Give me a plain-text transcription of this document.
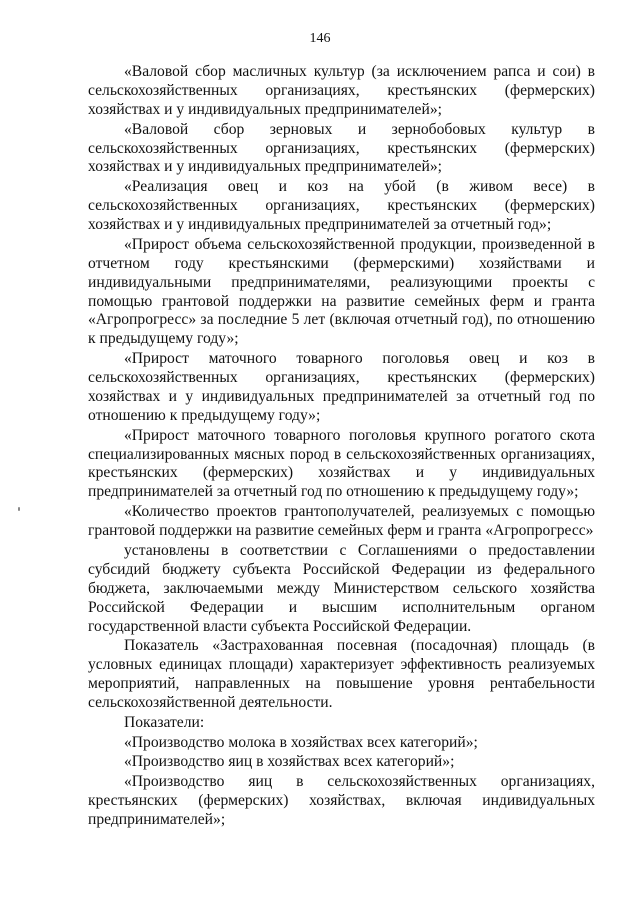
146

«Валовой сбор масличных культур (за исключением рапса и сои) в сельскохозяйственных организациях, крестьянских (фермерских) хозяйствах и у индивидуальных предпринимателей»;

«Валовой сбор зерновых и зернобобовых культур в сельскохозяйственных организациях, крестьянских (фермерских) хозяйствах и у индивидуальных предпринимателей»;

«Реализация овец и коз на убой (в живом весе) в сельскохозяйственных организациях, крестьянских (фермерских) хозяйствах и у индивидуальных предпринимателей за отчетный год»;

«Прирост объема сельскохозяйственной продукции, произведенной в отчетном году крестьянскими (фермерскими) хозяйствами и индивидуальными предпринимателями, реализующими проекты с помощью грантовой поддержки на развитие семейных ферм и гранта «Агропрогресс» за последние 5 лет (включая отчетный год), по отношению к предыдущему году»;

«Прирост маточного товарного поголовья овец и коз в сельскохозяйственных организациях, крестьянских (фермерских) хозяйствах и у индивидуальных предпринимателей за отчетный год по отношению к предыдущему году»;

«Прирост маточного товарного поголовья крупного рогатого скота специализированных мясных пород в сельскохозяйственных организациях, крестьянских (фермерских) хозяйствах и у индивидуальных предпринимателей за отчетный год по отношению к предыдущему году»;

«Количество проектов грантополучателей, реализуемых с помощью грантовой поддержки на развитие семейных ферм и гранта «Агропрогресс»

установлены в соответствии с Соглашениями о предоставлении субсидий бюджету субъекта Российской Федерации из федерального бюджета, заключаемыми между Министерством сельского хозяйства Российской Федерации и высшим исполнительным органом государственной власти субъекта Российской Федерации.

Показатель «Застрахованная посевная (посадочная) площадь (в условных единицах площади) характеризует эффективность реализуемых мероприятий, направленных на повышение уровня рентабельности сельскохозяйственной деятельности.

Показатели:

«Производство молока в хозяйствах всех категорий»;

«Производство яиц в хозяйствах всех категорий»;

«Производство яиц в сельскохозяйственных организациях, крестьянских (фермерских) хозяйствах, включая индивидуальных предпринимателей»;
